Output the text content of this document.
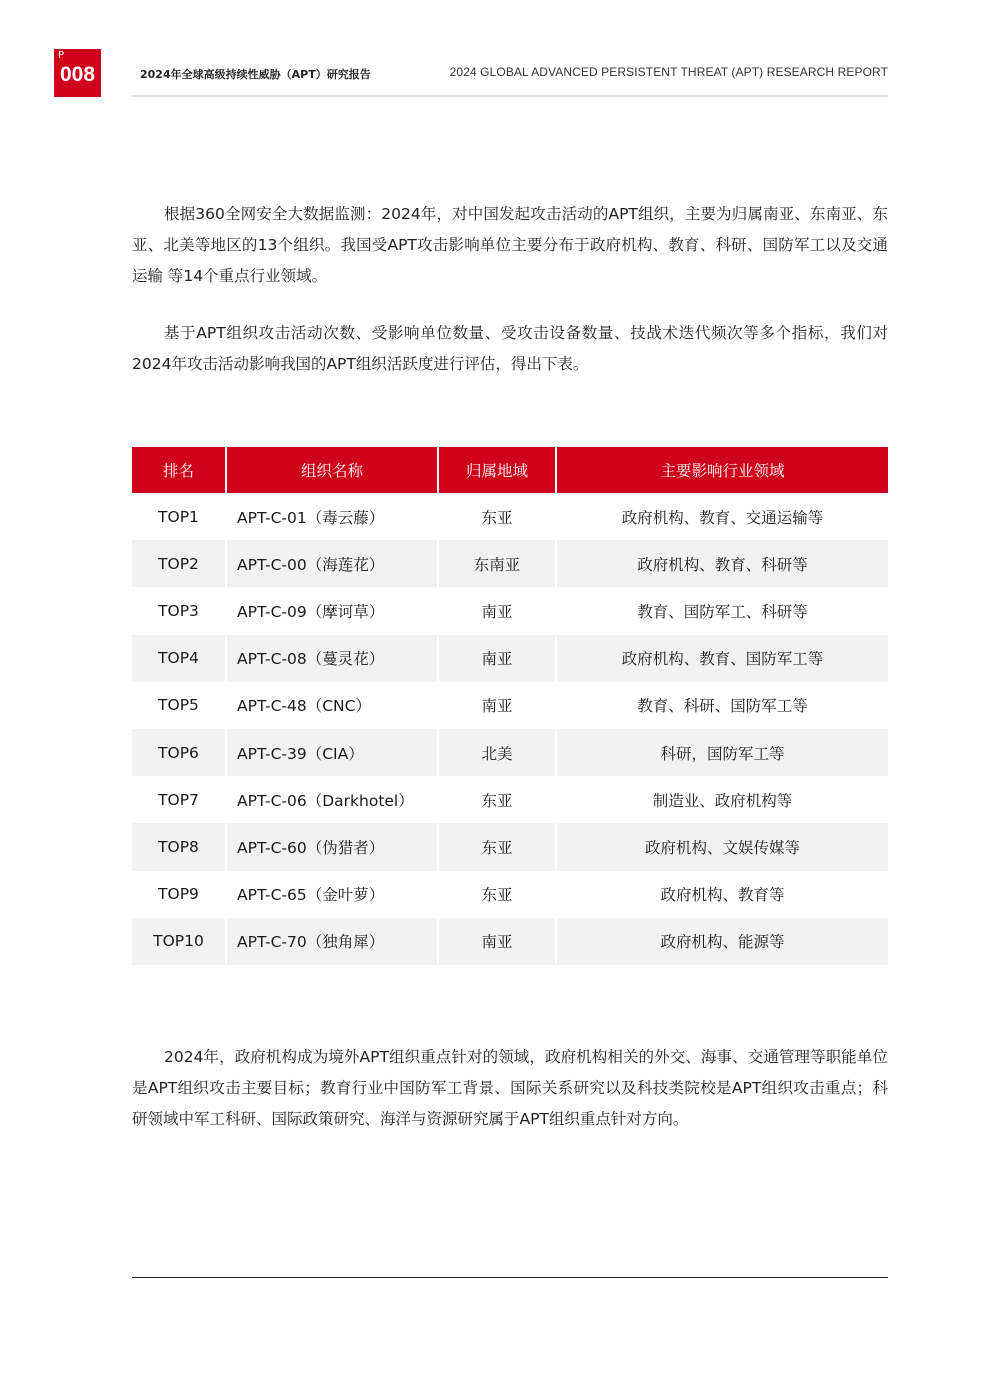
P
008	2024年全球高级持续性威胁（APT）研究报告	2024 GLOBAL ADVANCED PERSISTENT THREAT (APT) RESEARCH REPORT
根据360全网安全大数据监测：2024年，对中国发起攻击活动的APT组织，主要为归属南亚、东南亚、东亚、北美等地区的13个组织。我国受APT攻击影响单位主要分布于政府机构、教育、科研、国防军工以及交通运输 等14个重点行业领域。
基于APT组织攻击活动次数、受影响单位数量、受攻击设备数量、技战术迭代频次等多个指标，我们对2024年攻击活动影响我国的APT组织活跃度进行评估，得出下表。
排名	组织名称	归属地域	主要影响行业领域
TOP1	APT-C-01（毒云藤）	东亚	政府机构、教育、交通运输等
TOP2	APT-C-00（海莲花）	东南亚	政府机构、教育、科研等
TOP3	APT-C-09（摩诃草）	南亚	教育、国防军工、科研等
TOP4	APT-C-08（蔓灵花）	南亚	政府机构、教育、国防军工等
TOP5	APT-C-48（CNC）	南亚	教育、科研、国防军工等
TOP6	APT-C-39（CIA）	北美	科研，国防军工等
TOP7	APT-C-06（Darkhotel）	东亚	制造业、政府机构等
TOP8	APT-C-60（伪猎者）	东亚	政府机构、文娱传媒等
TOP9	APT-C-65（金叶萝）	东亚	政府机构、教育等
TOP10	APT-C-70（独角犀）	南亚	政府机构、能源等
2024年，政府机构成为境外APT组织重点针对的领域，政府机构相关的外交、海事、交通管理等职能单位是APT组织攻击主要目标；教育行业中国防军工背景、国际关系研究以及科技类院校是APT组织攻击重点；科研领域中军工科研、国际政策研究、海洋与资源研究属于APT组织重点针对方向。
